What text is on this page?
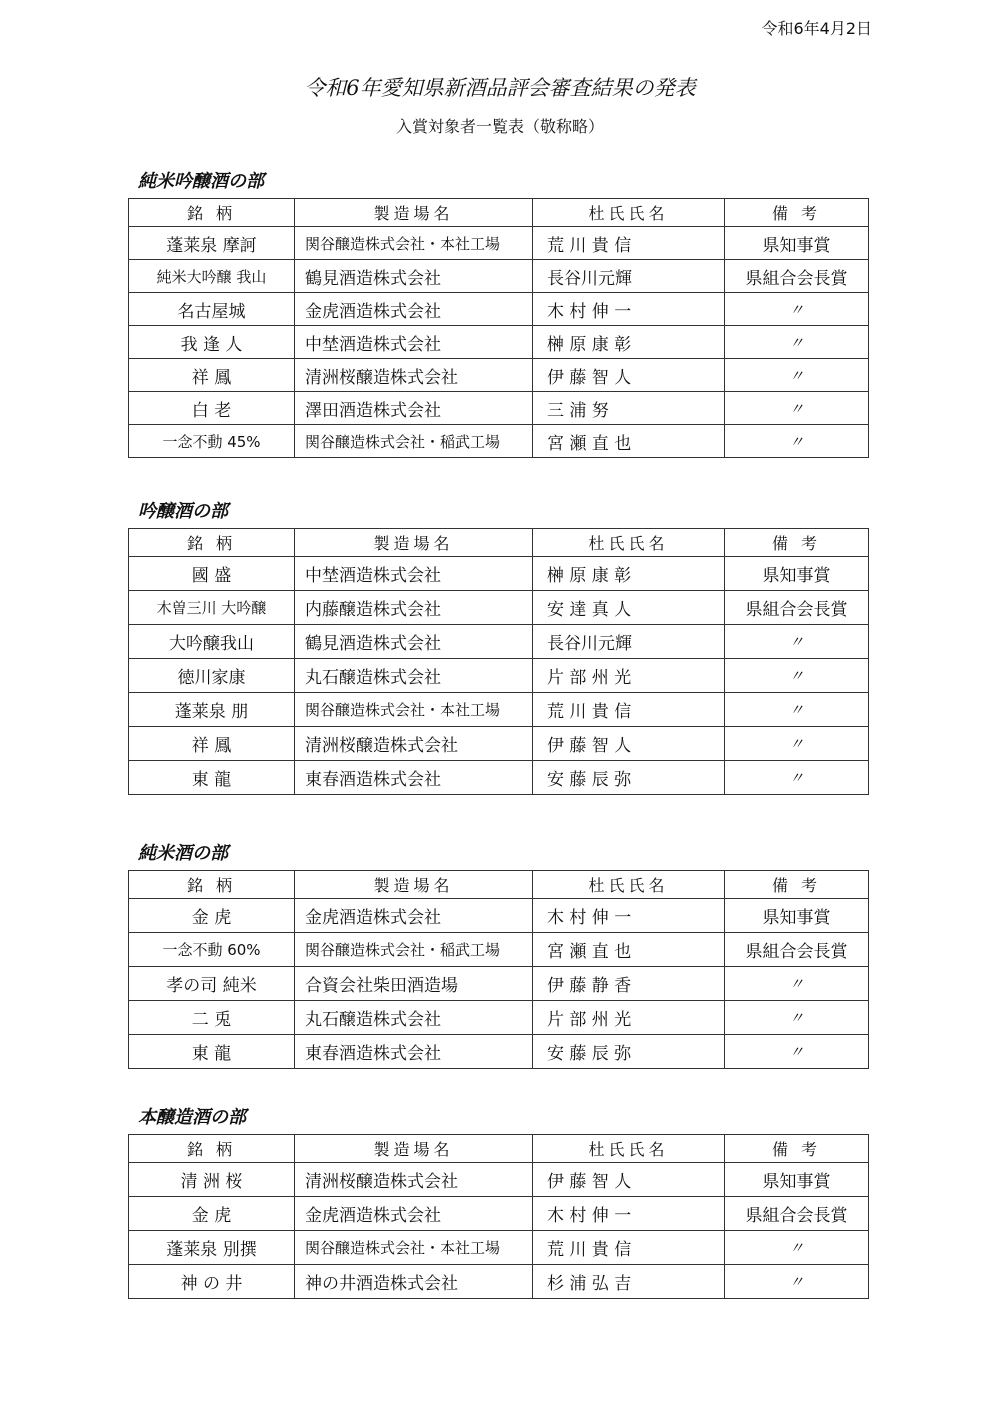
令和6年4月2日
令和6年愛知県新酒品評会審査結果の発表
入賞対象者一覧表（敬称略）
純米吟醸酒の部
銘 柄	製造場名	杜氏氏名	備 考
蓬莱泉 摩訶	関谷醸造株式会社・本社工場	荒 川 貴 信	県知事賞
純米大吟醸 我山	鶴見酒造株式会社	長谷川元輝	県組合会長賞
名古屋城	金虎酒造株式会社	木 村 伸 一	〃
我 逢 人	中埜酒造株式会社	榊 原 康 彰	〃
祥 鳳	清洲桜醸造株式会社	伊 藤 智 人	〃
白 老	澤田酒造株式会社	三 浦 努	〃
一念不動 45%	関谷醸造株式会社・稲武工場	宮 瀬 直 也	〃
吟醸酒の部
銘 柄	製造場名	杜氏氏名	備 考
國 盛	中埜酒造株式会社	榊 原 康 彰	県知事賞
木曽三川 大吟醸	内藤醸造株式会社	安 達 真 人	県組合会長賞
大吟醸我山	鶴見酒造株式会社	長谷川元輝	〃
徳川家康	丸石醸造株式会社	片 部 州 光	〃
蓬莱泉 朋	関谷醸造株式会社・本社工場	荒 川 貴 信	〃
祥 鳳	清洲桜醸造株式会社	伊 藤 智 人	〃
東 龍	東春酒造株式会社	安 藤 辰 弥	〃
純米酒の部
銘 柄	製造場名	杜氏氏名	備 考
金 虎	金虎酒造株式会社	木 村 伸 一	県知事賞
一念不動 60%	関谷醸造株式会社・稲武工場	宮 瀬 直 也	県組合会長賞
孝の司 純米	合資会社柴田酒造場	伊 藤 静 香	〃
二 兎	丸石醸造株式会社	片 部 州 光	〃
東 龍	東春酒造株式会社	安 藤 辰 弥	〃
本醸造酒の部
銘 柄	製造場名	杜氏氏名	備 考
清 洲 桜	清洲桜醸造株式会社	伊 藤 智 人	県知事賞
金 虎	金虎酒造株式会社	木 村 伸 一	県組合会長賞
蓬莱泉 別撰	関谷醸造株式会社・本社工場	荒 川 貴 信	〃
神 の 井	神の井酒造株式会社	杉 浦 弘 吉	〃
